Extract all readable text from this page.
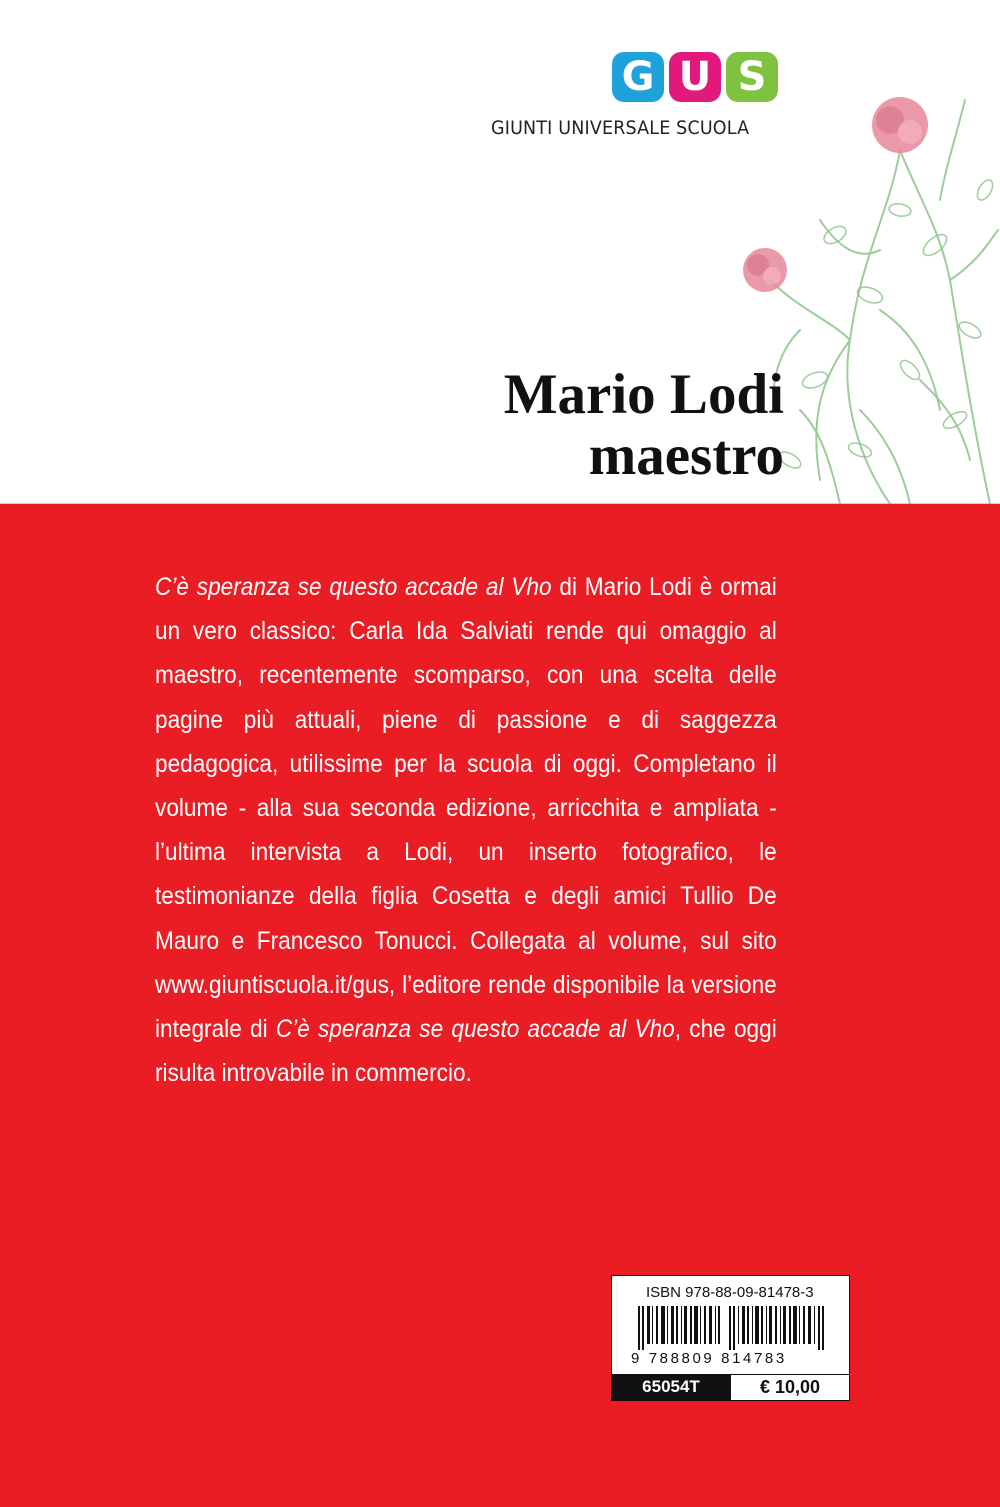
G U S
GIUNTI UNIVERSALE SCUOLA
Mario Lodi
maestro
C’è speranza se questo accade al Vho di Mario Lodi è ormai un vero classico: Carla Ida Salviati rende qui omaggio al maestro, recentemente scomparso, con una scelta delle pagine più attuali, piene di passione e di saggezza pedagogica, utilissime per la scuola di oggi. Completano il volume - alla sua seconda edizione, arricchita e ampliata - l’ultima intervista a Lodi, un inserto fotografico, le testimonianze della figlia Cosetta e degli amici Tullio De Mauro e Francesco Tonucci. Collegata al volume, sul sito www.giuntiscuola.it/gus, l’editore rende disponibile la versione integrale di C’è speranza se questo accade al Vho, che oggi risulta introvabile in commercio.
ISBN 978-88-09-81478-3
9 788809 814783
65054T	€ 10,00
